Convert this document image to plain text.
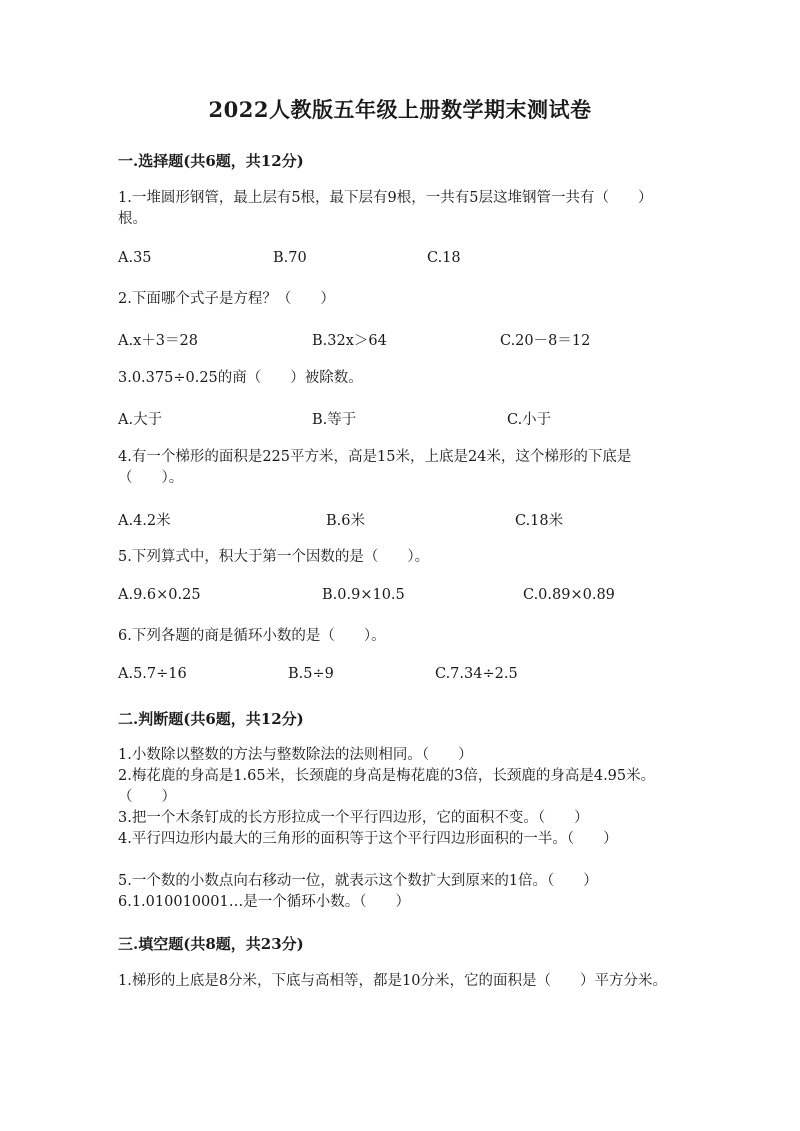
2022人教版五年级上册数学期末测试卷
一.选择题(共6题，共12分)
1.一堆圆形钢管，最上层有5根，最下层有9根，一共有5层这堆钢管一共有（　　）根。
A.35	B.70	C.18
2.下面哪个式子是方程？（　　）
A.x＋3＝28	B.32x＞64	C.20－8＝12
3.0.375÷0.25的商（　　）被除数。
A.大于	B.等于	C.小于
4.有一个梯形的面积是225平方米，高是15米，上底是24米，这个梯形的下底是（　　）。
A.4.2米	B.6米	C.18米
5.下列算式中，积大于第一个因数的是（　　）。
A.9.6×0.25	B.0.9×10.5	C.0.89×0.89
6.下列各题的商是循环小数的是（　　）。
A.5.7÷16	B.5÷9	C.7.34÷2.5
二.判断题(共6题，共12分)
1.小数除以整数的方法与整数除法的法则相同。（　　）
2.梅花鹿的身高是1.65米，长颈鹿的身高是梅花鹿的3倍，长颈鹿的身高是4.95米。（　　）
3.把一个木条钉成的长方形拉成一个平行四边形，它的面积不变。（　　）
4.平行四边形内最大的三角形的面积等于这个平行四边形面积的一半。（　　）
5.一个数的小数点向右移动一位，就表示这个数扩大到原来的1倍。（　　）
6.1.010010001…是一个循环小数。（　　）
三.填空题(共8题，共23分)
1.梯形的上底是8分米，下底与高相等，都是10分米，它的面积是（　　）平方分米。
